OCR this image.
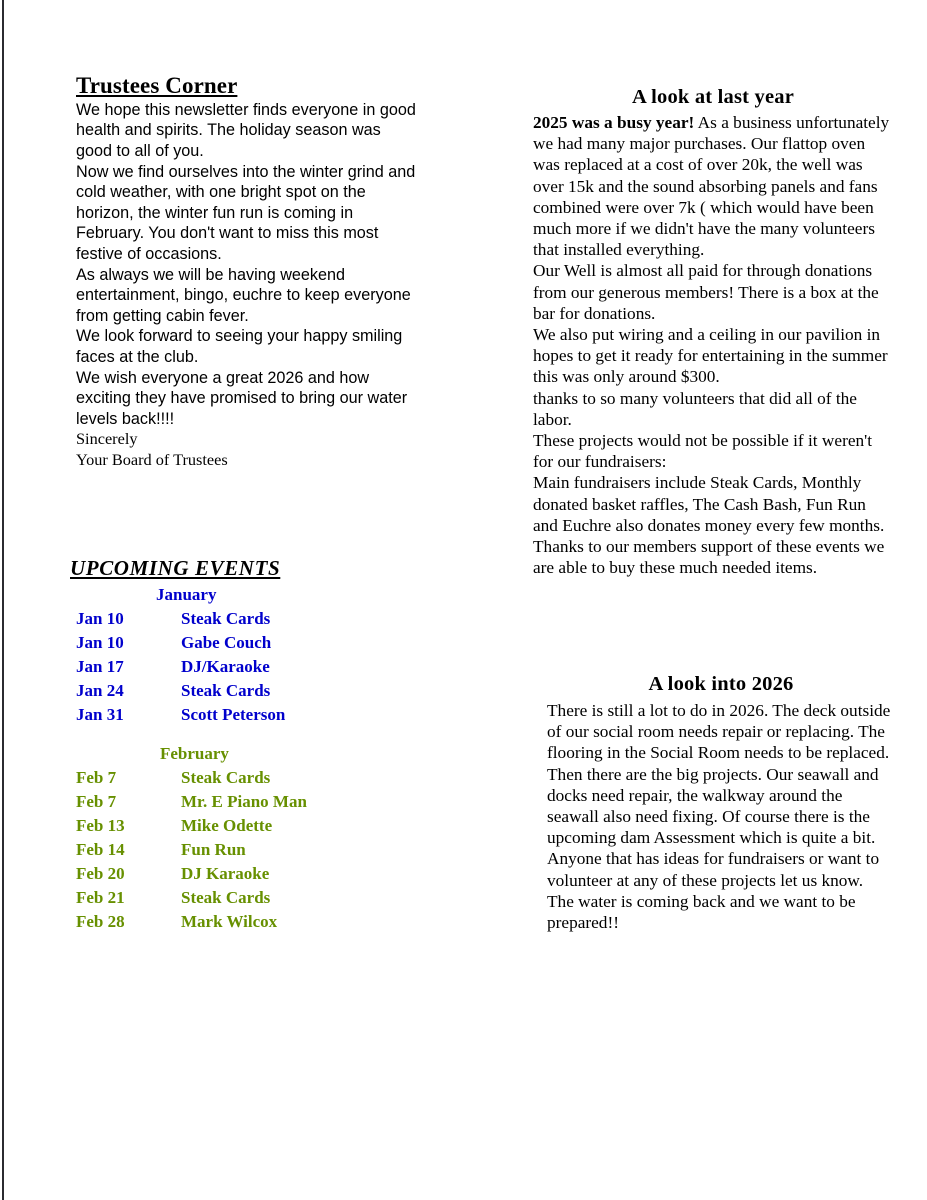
Trustees Corner

We hope this newsletter finds everyone in good health and spirits. The holiday season was good to all of you.

Now we find ourselves into the winter grind and cold weather, with one bright spot on the horizon, the winter fun run is coming in February. You don't want to miss this most festive of occasions.

As always we will be having weekend entertainment, bingo, euchre to keep everyone from getting cabin fever.

We look forward to seeing your happy smiling faces at the club.

We wish everyone a great 2026 and how exciting they have promised to bring our water levels back!!!!

Sincerely

Your Board of Trustees

UPCOMING EVENTS
January
Jan 10	Steak Cards
Jan 10	Gabe Couch
Jan 17	DJ/Karaoke
Jan 24	Steak Cards
Jan 31	Scott Peterson
February
Feb 7	Steak Cards
Feb 7	Mr. E Piano Man
Feb 13	Mike Odette
Feb 14	Fun Run
Feb 20	DJ Karaoke
Feb 21	Steak Cards
Feb 28	Mark Wilcox
A look at last year

2025 was a busy year! As a business unfortunately we had many major purchases. Our flattop oven was replaced at a cost of over 20k, the well was over 15k and the sound absorbing panels and fans combined were over 7k ( which would have been much more if we didn't have the many volunteers that installed everything.

Our Well is almost all paid for through donations from our generous members! There is a box at the bar for donations.

We also put wiring and a ceiling in our pavilion in hopes to get it ready for entertaining in the summer this was only around $300.

thanks to so many volunteers that did all of the labor.

These projects would not be possible if it weren't for our fundraisers:

Main fundraisers include Steak Cards, Monthly donated basket raffles, The Cash Bash, Fun Run and Euchre also donates money every few months. Thanks to our members support of these events we are able to buy these much needed items.

A look into 2026

There is still a lot to do in 2026. The deck outside of our social room needs repair or replacing. The flooring in the Social Room needs to be replaced.

Then there are the big projects. Our seawall and docks need repair, the walkway around the seawall also need fixing. Of course there is the upcoming dam Assessment which is quite a bit.

Anyone that has ideas for fundraisers or want to volunteer at any of these projects let us know.

The water is coming back and we want to be prepared!!
